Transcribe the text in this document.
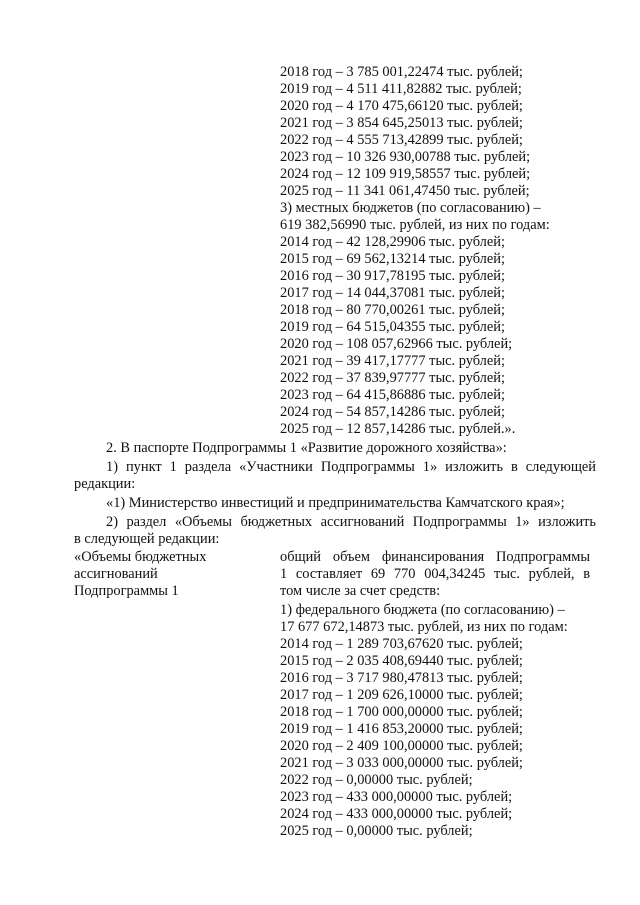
2018 год – 3 785 001,22474 тыс. рублей;
2019 год – 4 511 411,82882 тыс. рублей;
2020 год – 4 170 475,66120 тыс. рублей;
2021 год – 3 854 645,25013 тыс. рублей;
2022 год – 4 555 713,42899 тыс. рублей;
2023 год – 10 326 930,00788 тыс. рублей;
2024 год – 12 109 919,58557 тыс. рублей;
2025 год – 11 341 061,47450 тыс. рублей;
3) местных бюджетов (по согласованию) –
619 382,56990 тыс. рублей, из них по годам:
2014 год – 42 128,29906 тыс. рублей;
2015 год – 69 562,13214 тыс. рублей;
2016 год – 30 917,78195 тыс. рублей;
2017 год – 14 044,37081 тыс. рублей;
2018 год – 80 770,00261 тыс. рублей;
2019 год – 64 515,04355 тыс. рублей;
2020 год – 108 057,62966 тыс. рублей;
2021 год – 39 417,17777 тыс. рублей;
2022 год – 37 839,97777 тыс. рублей;
2023 год – 64 415,86886 тыс. рублей;
2024 год – 54 857,14286 тыс. рублей;
2025 год – 12 857,14286 тыс. рублей.».
2. В паспорте Подпрограммы 1 «Развитие дорожного хозяйства»:
1) пункт 1 раздела «Участники Подпрограммы 1» изложить в следующей
редакции:
«1) Министерство инвестиций и предпринимательства Камчатского края»;
2) раздел «Объемы бюджетных ассигнований Подпрограммы 1» изложить
в следующей редакции:
«Объемы бюджетных
ассигнований
Подпрограммы 1
общий объем финансирования Подпрограммы
1 составляет 69 770 004,34245 тыс. рублей, в
том числе за счет средств:
1) федерального бюджета (по согласованию) –
17 677 672,14873 тыс. рублей, из них по годам:
2014 год – 1 289 703,67620 тыс. рублей;
2015 год – 2 035 408,69440 тыс. рублей;
2016 год – 3 717 980,47813 тыс. рублей;
2017 год – 1 209 626,10000 тыс. рублей;
2018 год – 1 700 000,00000 тыс. рублей;
2019 год – 1 416 853,20000 тыс. рублей;
2020 год – 2 409 100,00000 тыс. рублей;
2021 год – 3 033 000,00000 тыс. рублей;
2022 год – 0,00000 тыс. рублей;
2023 год – 433 000,00000 тыс. рублей;
2024 год – 433 000,00000 тыс. рублей;
2025 год – 0,00000 тыс. рублей;
